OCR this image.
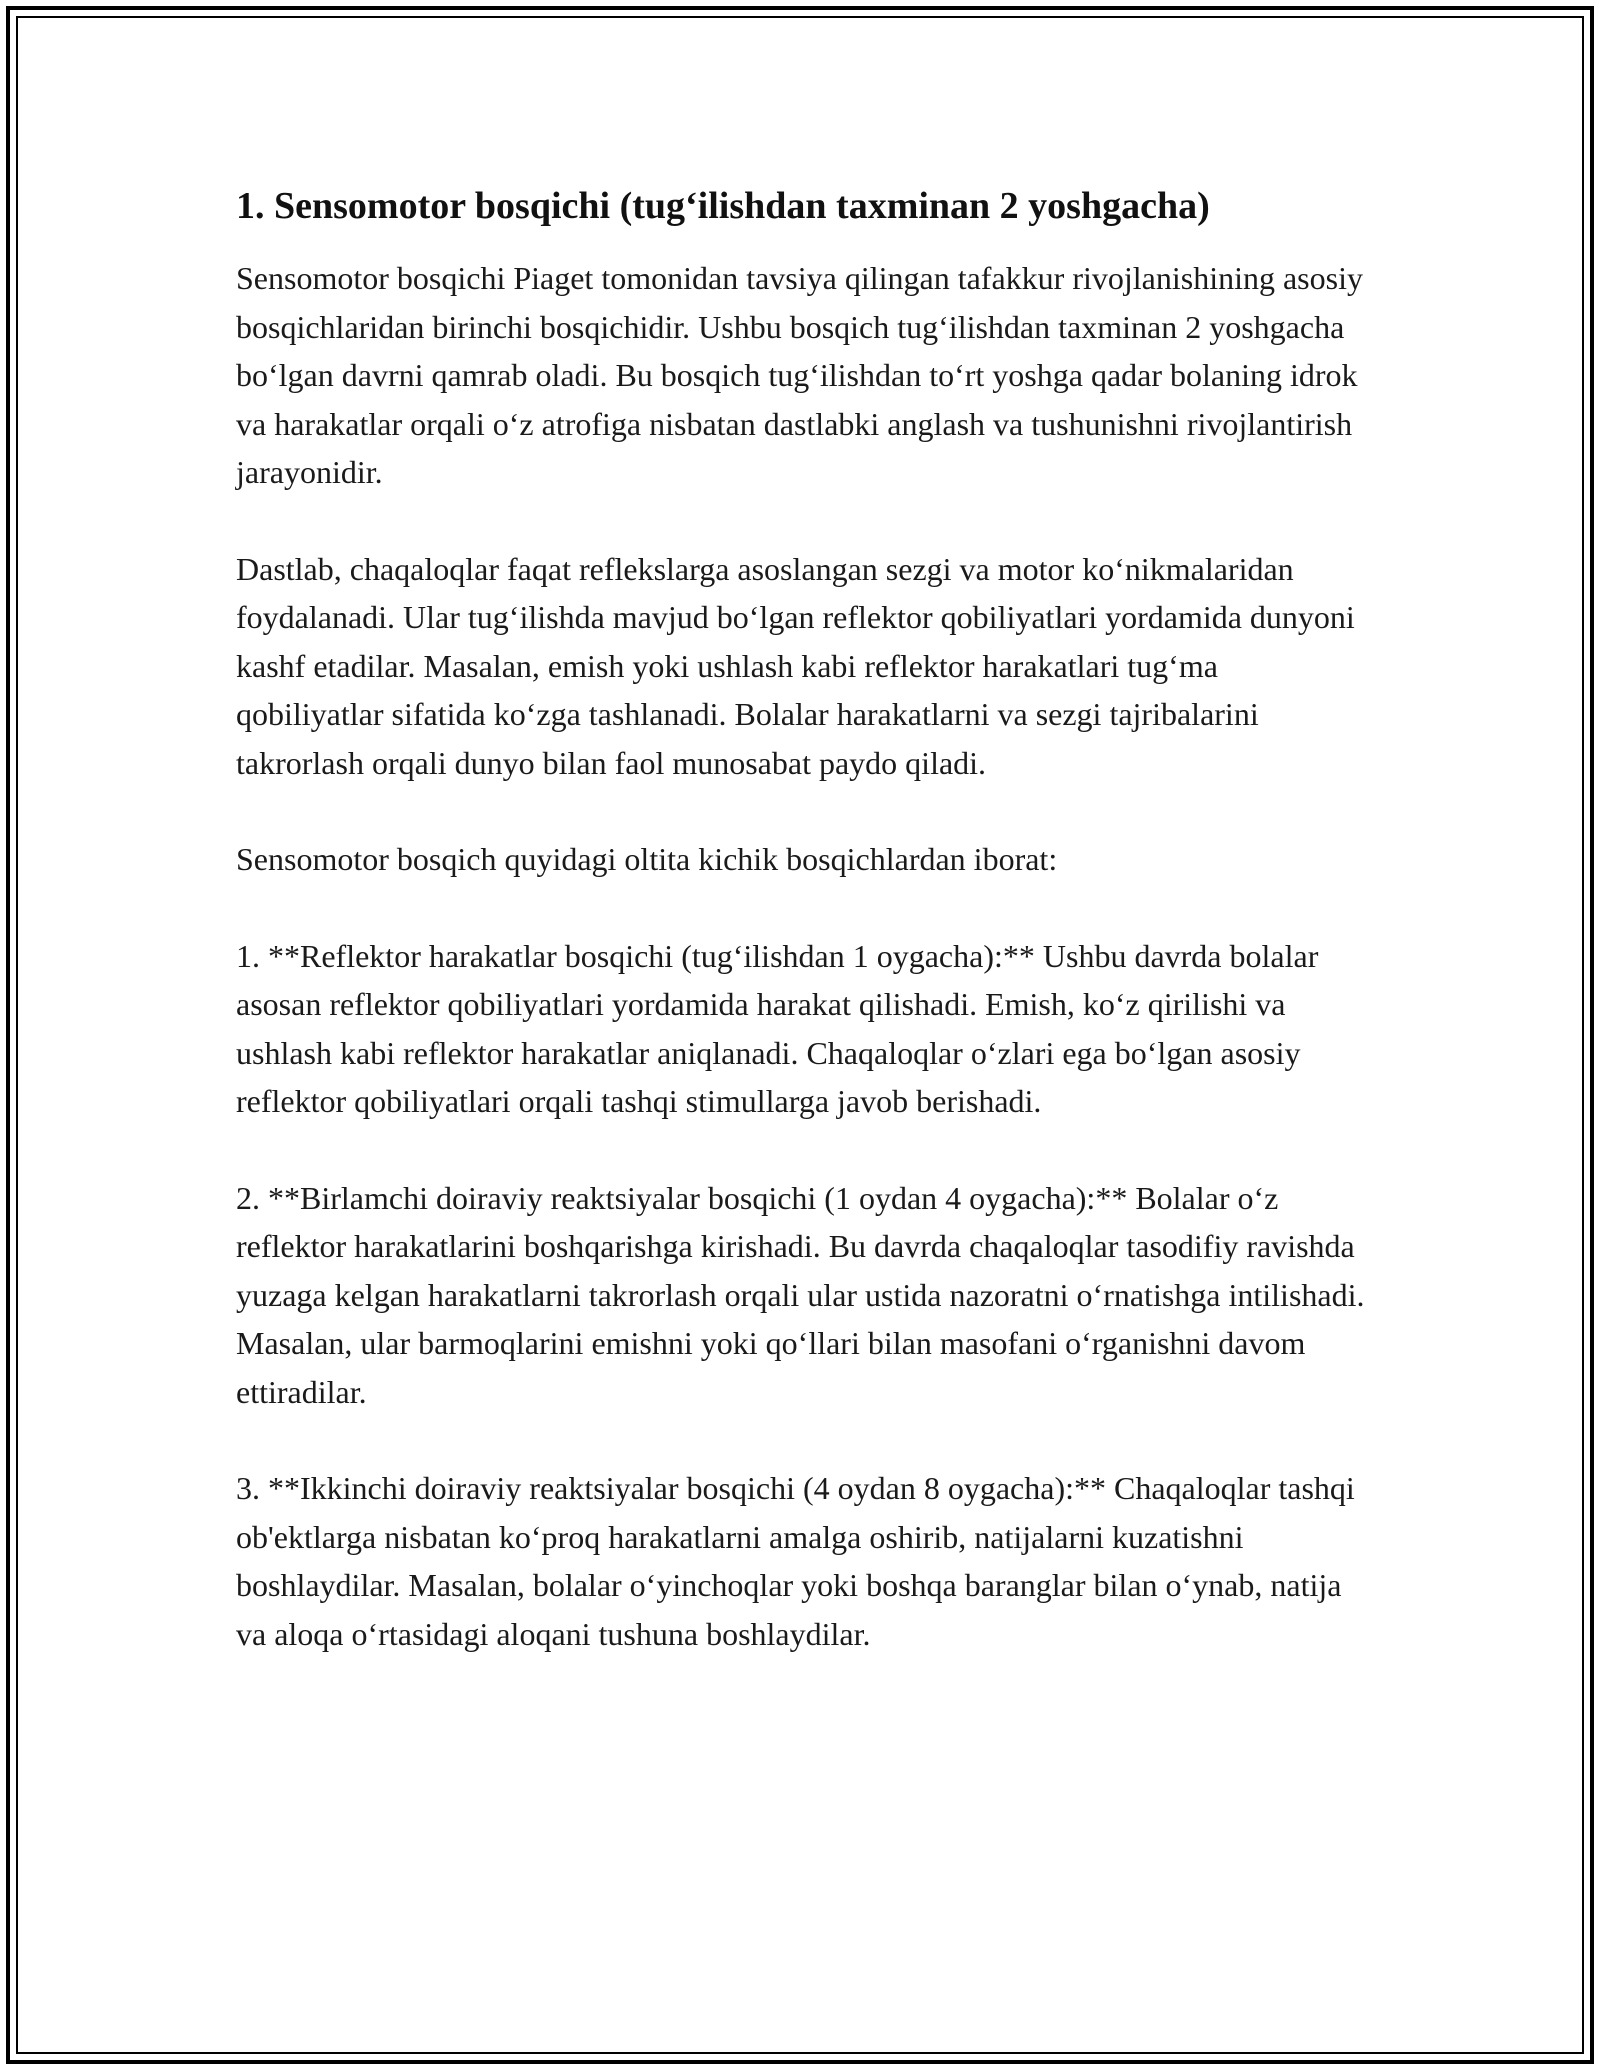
1. Sensomotor bosqichi (tug‘ilishdan taxminan 2 yoshgacha)

Sensomotor bosqichi Piaget tomonidan tavsiya qilingan tafakkur rivojlanishining asosiy bosqichlaridan birinchi bosqichidir. Ushbu bosqich tug‘ilishdan taxminan 2 yoshgacha bo‘lgan davrni qamrab oladi. Bu bosqich tug‘ilishdan to‘rt yoshga qadar bolaning idrok va harakatlar orqali o‘z atrofiga nisbatan dastlabki anglash va tushunishni rivojlantirish jarayonidir.

Dastlab, chaqaloqlar faqat reflekslarga asoslangan sezgi va motor ko‘nikmalaridan foydalanadi. Ular tug‘ilishda mavjud bo‘lgan reflektor qobiliyatlari yordamida dunyoni kashf etadilar. Masalan, emish yoki ushlash kabi reflektor harakatlari tug‘ma qobiliyatlar sifatida ko‘zga tashlanadi. Bolalar harakatlarni va sezgi tajribalarini takrorlash orqali dunyo bilan faol munosabat paydo qiladi.

Sensomotor bosqich quyidagi oltita kichik bosqichlardan iborat:

1. **Reflektor harakatlar bosqichi (tug‘ilishdan 1 oygacha):** Ushbu davrda bolalar asosan reflektor qobiliyatlari yordamida harakat qilishadi. Emish, ko‘z qirilishi va ushlash kabi reflektor harakatlar aniqlanadi. Chaqaloqlar o‘zlari ega bo‘lgan asosiy reflektor qobiliyatlari orqali tashqi stimullarga javob berishadi.

2. **Birlamchi doiraviy reaktsiyalar bosqichi (1 oydan 4 oygacha):** Bolalar o‘z reflektor harakatlarini boshqarishga kirishadi. Bu davrda chaqaloqlar tasodifiy ravishda yuzaga kelgan harakatlarni takrorlash orqali ular ustida nazoratni o‘rnatishga intilishadi. Masalan, ular barmoqlarini emishni yoki qo‘llari bilan masofani o‘rganishni davom ettiradilar.

3. **Ikkinchi doiraviy reaktsiyalar bosqichi (4 oydan 8 oygacha):** Chaqaloqlar tashqi ob'ektlarga nisbatan ko‘proq harakatlarni amalga oshirib, natijalarni kuzatishni boshlaydilar. Masalan, bolalar o‘yinchoqlar yoki boshqa baranglar bilan o‘ynab, natija va aloqa o‘rtasidagi aloqani tushuna boshlaydilar.
